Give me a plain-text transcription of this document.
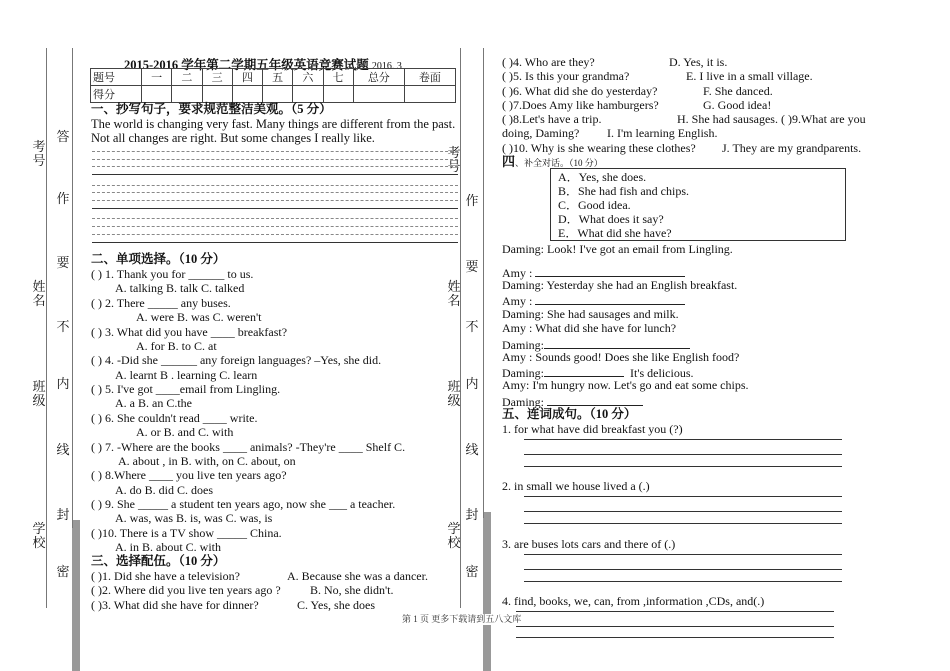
考号
答
作
姓名
要
不
班级
内
线
学校
封
密
考号
作
姓名
要
不
班级
内
线
学校
封
密
2015-2016 学年第二学期五年级英语竞赛试题 2016. 3
题号	一	二	三	四	五	六	七	总分	卷面
得分									
一、抄写句子，要求规范整洁美观。（5 分）
The world is changing very fast. Many things are different from the past.
Not all changes are right. But some changes I really like.
二、单项选择。（10 分）
( ) 1. Thank you for ______ to us.
A. talking B. talk C. talked
( ) 2. There _____ any buses.
A. were B. was C. weren't
( ) 3. What did you have ____ breakfast?
A. for B. to C. at
( ) 4. -Did she ______ any foreign languages? –Yes, she did.
A. learnt B . learning C. learn
( ) 5. I've got ____email from Lingling.
A. a B. an C.the
( ) 6. She couldn't read ____ write.
A. or B. and C. with
( ) 7. -Where are the books ____ animals? -They're ____ Shelf C.
A. about , in B. with, on C. about, on
( ) 8.Where ____ you live ten years ago?
A. do B. did C. does
( ) 9. She _____ a student ten years ago, now she ___ a teacher.
A. was, was B. is, was C. was, is
( )10. There is a TV show _____ China.
A. in B. about C. with
三、选择配伍。（10 分）
( )1. Did she have a television?	A. Because she was a dancer.
( )2. Where did you live ten years ago ? B. No, she didn't.
( )3. What did she have for dinner?	C. Yes, she does
( )4. Who are they?	D. Yes, it is.
( )5. Is this your grandma?	E. I live in a small village.
( )6. What did she do yesterday?	F. She danced.
( )7.Does Amy like hamburgers?	G. Good idea!
( )8.Let's have a trip.	H. She had sausages. ( )9.What are you
doing, Daming? I. I'm learning English.
( )10. Why is she wearing these clothes? J. They are my grandparents.
四、补全对话。（10 分）
A．Yes, she does.
B．She had fish and chips.
C．Good idea.
D．What does it say?
E．What did she have?
Daming: Look! I've got an email from Lingling.
Amy :
Daming: Yesterday she had an English breakfast.
Amy :
Daming: She had sausages and milk.
Amy : What did she have for lunch?
Daming:
Amy : Sounds good! Does she like English food?
Daming:	It's delicious.
Amy: I'm hungry now. Let's go and eat some chips.
Daming:
五、连词成句。（10 分）
1. for what have did breakfast you (?)
2. in small we house lived a (.)
3. are buses lots cars and there of (.)
4. find, books, we, can, from ,information ,CDs, and(.)
第 1 页 更多下载请到五八文库
